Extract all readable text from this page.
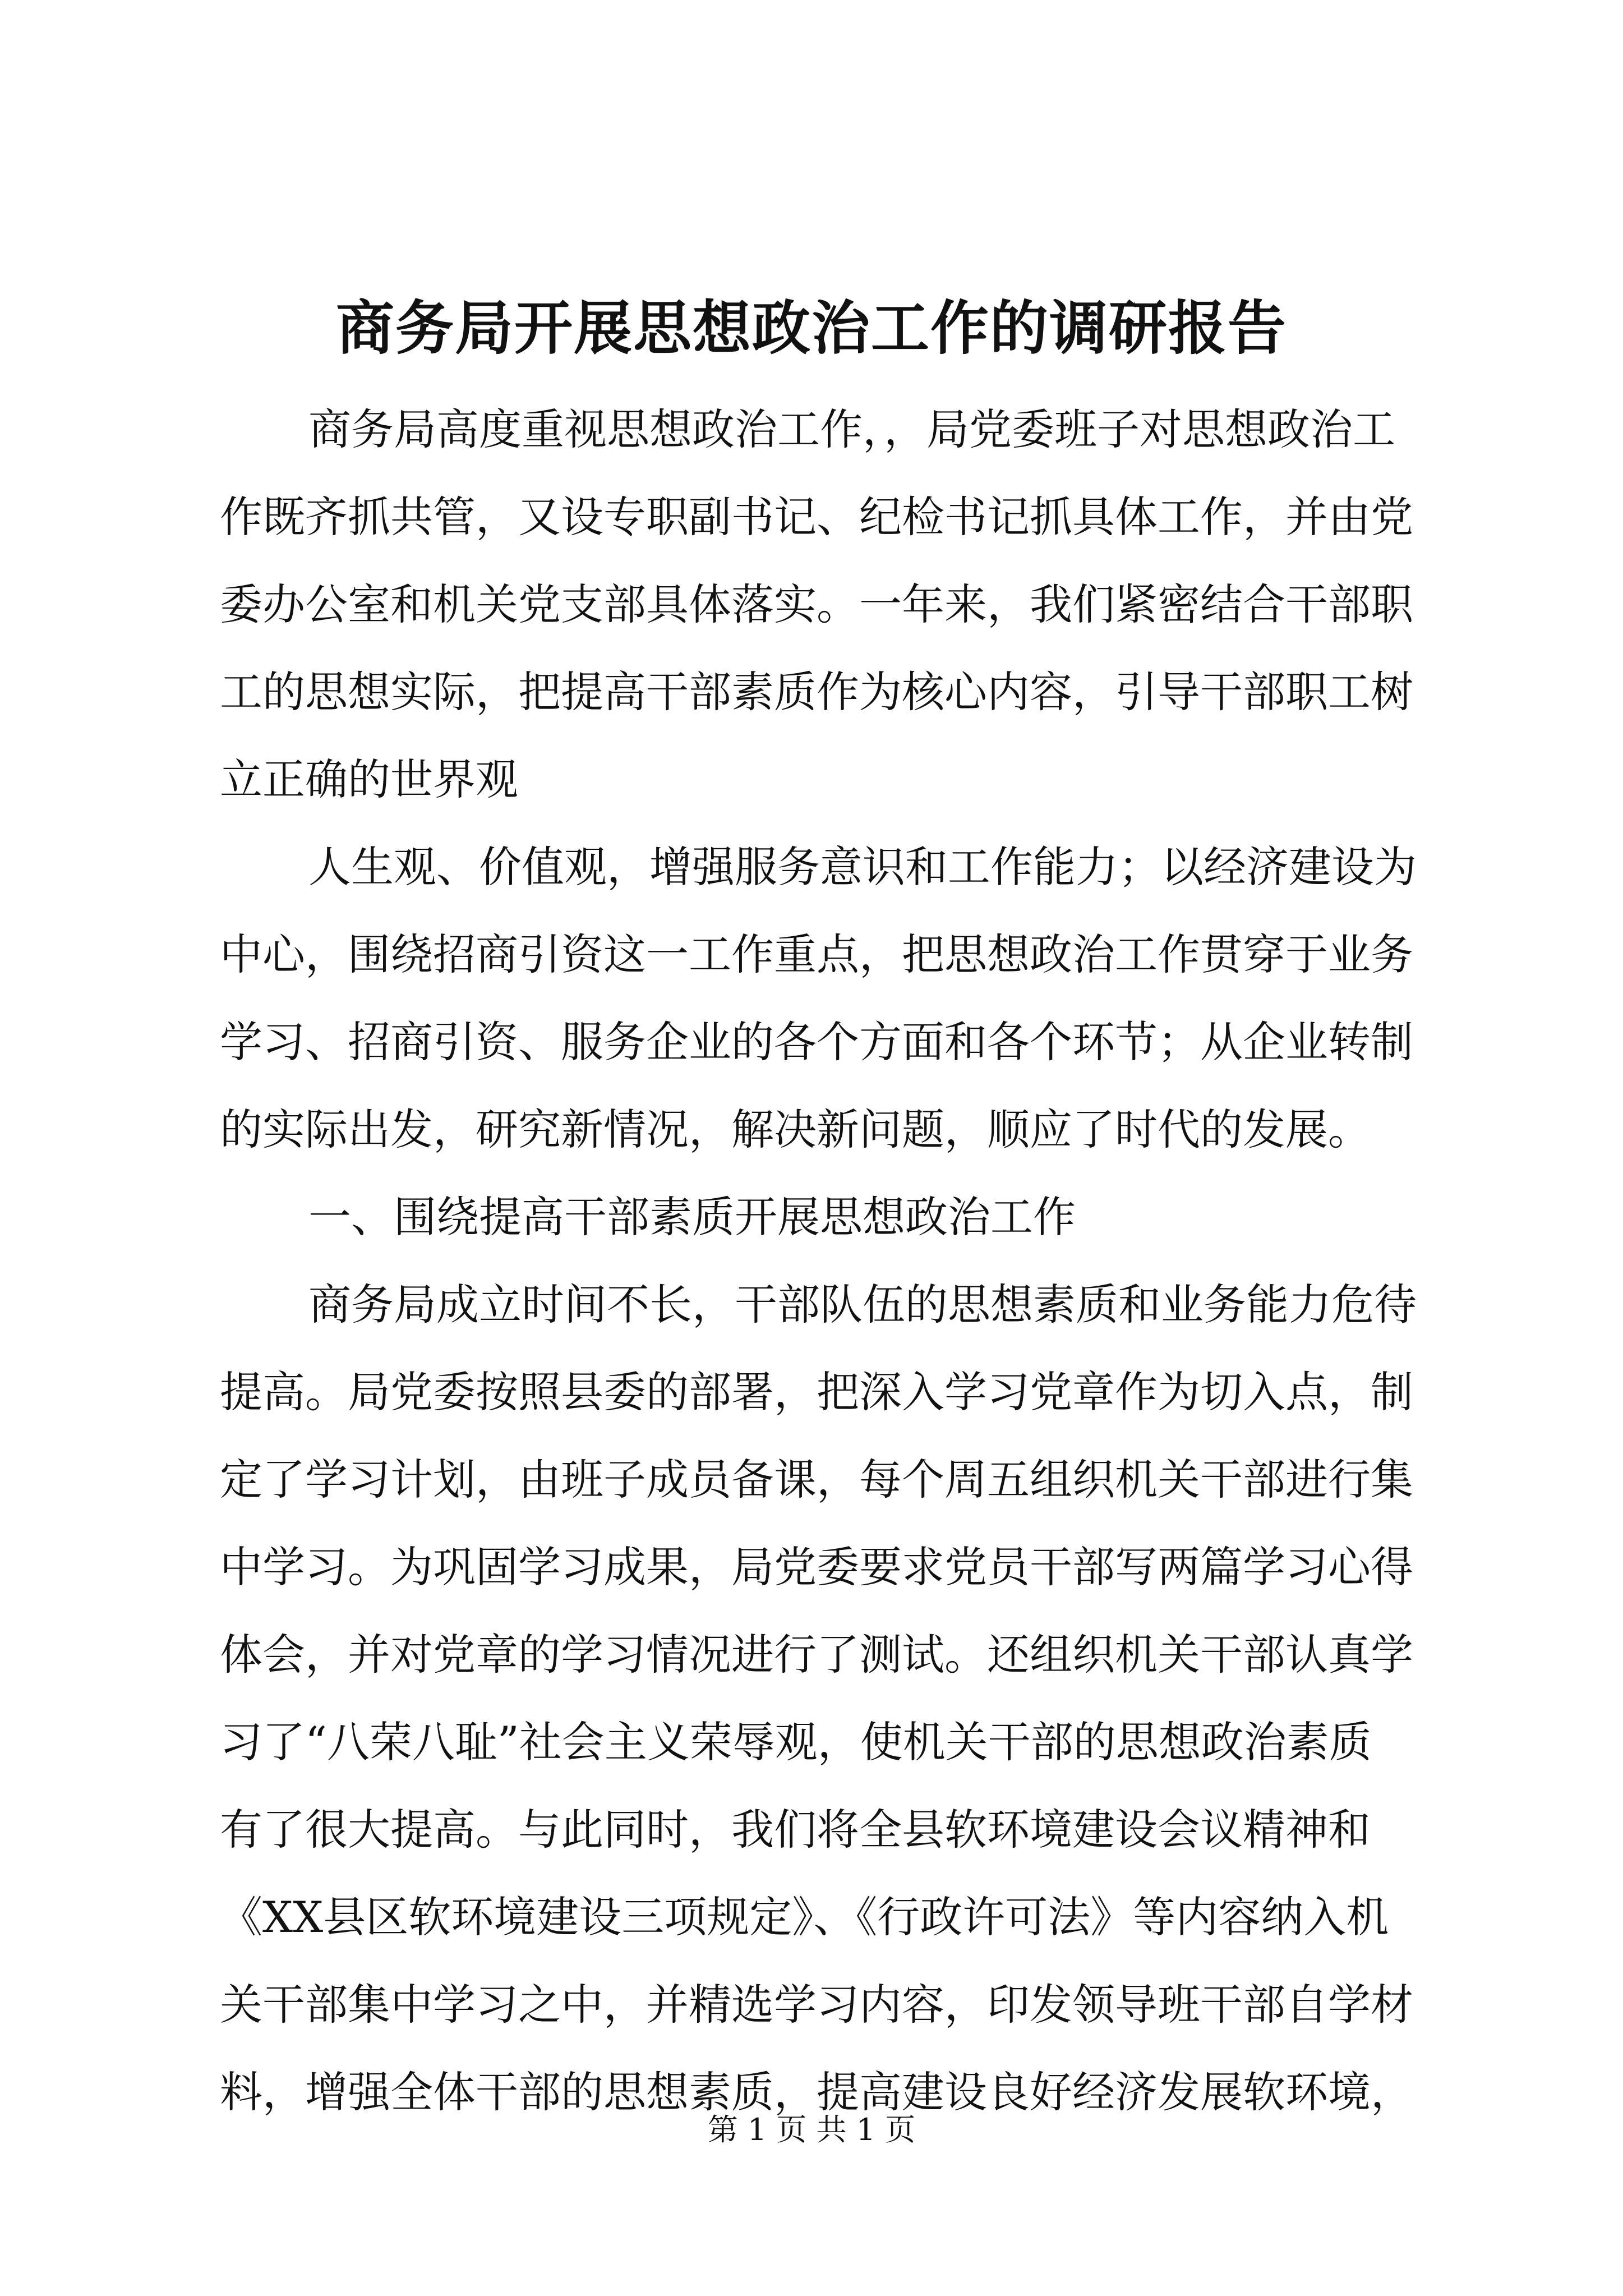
商务局开展思想政治工作的调研报告
商务局高度重视思想政治工作，，局党委班子对思想政治工
作既齐抓共管，又设专职副书记、纪检书记抓具体工作，并由党
委办公室和机关党支部具体落实。一年来，我们紧密结合干部职
工的思想实际，把提高干部素质作为核心内容，引导干部职工树
立正确的世界观
人生观、价值观，增强服务意识和工作能力；以经济建设为
中心，围绕招商引资这一工作重点，把思想政治工作贯穿于业务
学习、招商引资、服务企业的各个方面和各个环节；从企业转制
的实际出发，研究新情况，解决新问题，顺应了时代的发展。
一、围绕提高干部素质开展思想政治工作
商务局成立时间不长，干部队伍的思想素质和业务能力危待
提高。局党委按照县委的部署，把深入学习党章作为切入点，制
定了学习计划，由班子成员备课，每个周五组织机关干部进行集
中学习。为巩固学习成果，局党委要求党员干部写两篇学习心得
体会，并对党章的学习情况进行了测试。还组织机关干部认真学
习了“八荣八耻”社会主义荣辱观，使机关干部的思想政治素质
有了很大提高。与此同时，我们将全县软环境建设会议精神和
《XX县区软环境建设三项规定》、《行政许可法》等内容纳入机
关干部集中学习之中，并精选学习内容，印发领导班干部自学材
料，增强全体干部的思想素质，提高建设良好经济发展软环境，
第 1 页 共 1 页
